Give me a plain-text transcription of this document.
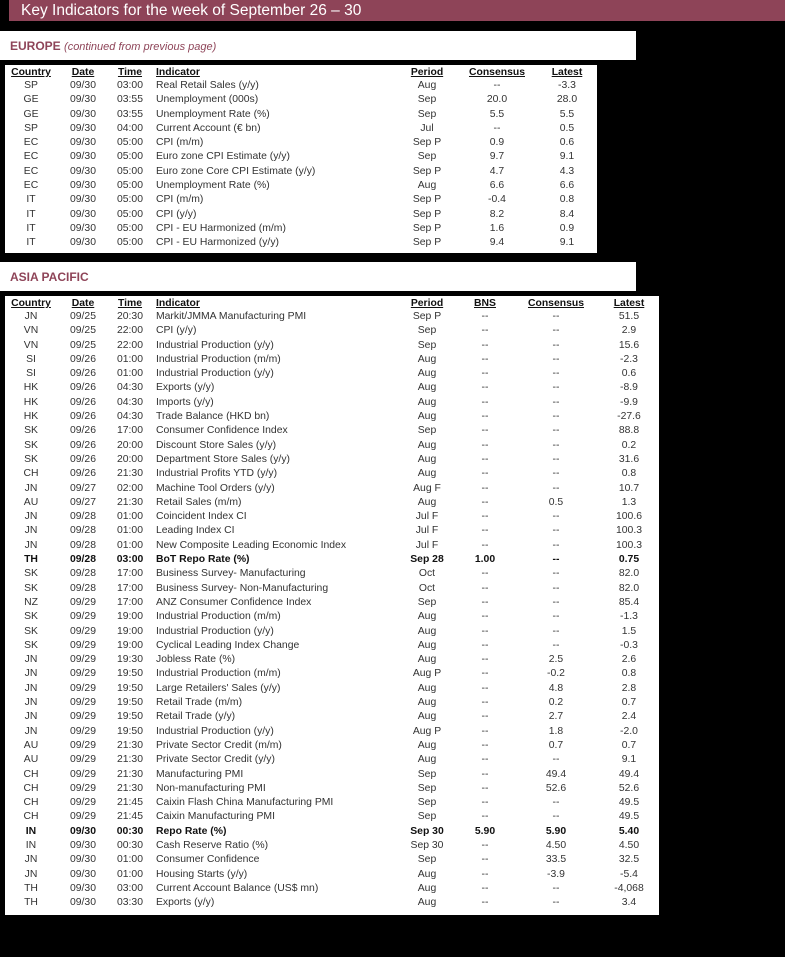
Key Indicators for the week of September 26 – 30
EUROPE (continued from previous page)
Country	Date	Time	Indicator	Period	Consensus	Latest
SP	09/30	03:00	Real Retail Sales (y/y)	Aug	--	-3.3
GE	09/30	03:55	Unemployment (000s)	Sep	20.0	28.0
GE	09/30	03:55	Unemployment Rate (%)	Sep	5.5	5.5
SP	09/30	04:00	Current Account (€ bn)	Jul	--	0.5
EC	09/30	05:00	CPI (m/m)	Sep P	0.9	0.6
EC	09/30	05:00	Euro zone CPI Estimate (y/y)	Sep	9.7	9.1
EC	09/30	05:00	Euro zone Core CPI Estimate (y/y)	Sep P	4.7	4.3
EC	09/30	05:00	Unemployment Rate (%)	Aug	6.6	6.6
IT	09/30	05:00	CPI (m/m)	Sep P	-0.4	0.8
IT	09/30	05:00	CPI (y/y)	Sep P	8.2	8.4
IT	09/30	05:00	CPI - EU Harmonized (m/m)	Sep P	1.6	0.9
IT	09/30	05:00	CPI - EU Harmonized (y/y)	Sep P	9.4	9.1
ASIA PACIFIC
Country	Date	Time	Indicator	Period	BNS	Consensus	Latest
JN	09/25	20:30	Markit/JMMA Manufacturing PMI	Sep P	--	--	51.5
VN	09/25	22:00	CPI (y/y)	Sep	--	--	2.9
VN	09/25	22:00	Industrial Production (y/y)	Sep	--	--	15.6
SI	09/26	01:00	Industrial Production (m/m)	Aug	--	--	-2.3
SI	09/26	01:00	Industrial Production (y/y)	Aug	--	--	0.6
HK	09/26	04:30	Exports (y/y)	Aug	--	--	-8.9
HK	09/26	04:30	Imports (y/y)	Aug	--	--	-9.9
HK	09/26	04:30	Trade Balance (HKD bn)	Aug	--	--	-27.6
SK	09/26	17:00	Consumer Confidence Index	Sep	--	--	88.8
SK	09/26	20:00	Discount Store Sales (y/y)	Aug	--	--	0.2
SK	09/26	20:00	Department Store Sales (y/y)	Aug	--	--	31.6
CH	09/26	21:30	Industrial Profits YTD (y/y)	Aug	--	--	0.8
JN	09/27	02:00	Machine Tool Orders (y/y)	Aug F	--	--	10.7
AU	09/27	21:30	Retail Sales (m/m)	Aug	--	0.5	1.3
JN	09/28	01:00	Coincident Index CI	Jul F	--	--	100.6
JN	09/28	01:00	Leading Index CI	Jul F	--	--	100.3
JN	09/28	01:00	New Composite Leading Economic Index	Jul F	--	--	100.3
TH	09/28	03:00	BoT Repo Rate (%)	Sep 28	1.00	--	0.75
SK	09/28	17:00	Business Survey- Manufacturing	Oct	--	--	82.0
SK	09/28	17:00	Business Survey- Non-Manufacturing	Oct	--	--	82.0
NZ	09/29	17:00	ANZ Consumer Confidence Index	Sep	--	--	85.4
SK	09/29	19:00	Industrial Production (m/m)	Aug	--	--	-1.3
SK	09/29	19:00	Industrial Production (y/y)	Aug	--	--	1.5
SK	09/29	19:00	Cyclical Leading Index Change	Aug	--	--	-0.3
JN	09/29	19:30	Jobless Rate (%)	Aug	--	2.5	2.6
JN	09/29	19:50	Industrial Production (m/m)	Aug P	--	-0.2	0.8
JN	09/29	19:50	Large Retailers' Sales (y/y)	Aug	--	4.8	2.8
JN	09/29	19:50	Retail Trade (m/m)	Aug	--	0.2	0.7
JN	09/29	19:50	Retail Trade (y/y)	Aug	--	2.7	2.4
JN	09/29	19:50	Industrial Production (y/y)	Aug P	--	1.8	-2.0
AU	09/29	21:30	Private Sector Credit (m/m)	Aug	--	0.7	0.7
AU	09/29	21:30	Private Sector Credit (y/y)	Aug	--	--	9.1
CH	09/29	21:30	Manufacturing PMI	Sep	--	49.4	49.4
CH	09/29	21:30	Non-manufacturing PMI	Sep	--	52.6	52.6
CH	09/29	21:45	Caixin Flash China Manufacturing PMI	Sep	--	--	49.5
CH	09/29	21:45	Caixin Manufacturing PMI	Sep	--	--	49.5
IN	09/30	00:30	Repo Rate (%)	Sep 30	5.90	5.90	5.40
IN	09/30	00:30	Cash Reserve Ratio (%)	Sep 30	--	4.50	4.50
JN	09/30	01:00	Consumer Confidence	Sep	--	33.5	32.5
JN	09/30	01:00	Housing Starts (y/y)	Aug	--	-3.9	-5.4
TH	09/30	03:00	Current Account Balance (US$ mn)	Aug	--	--	-4,068
TH	09/30	03:30	Exports (y/y)	Aug	--	--	3.4
